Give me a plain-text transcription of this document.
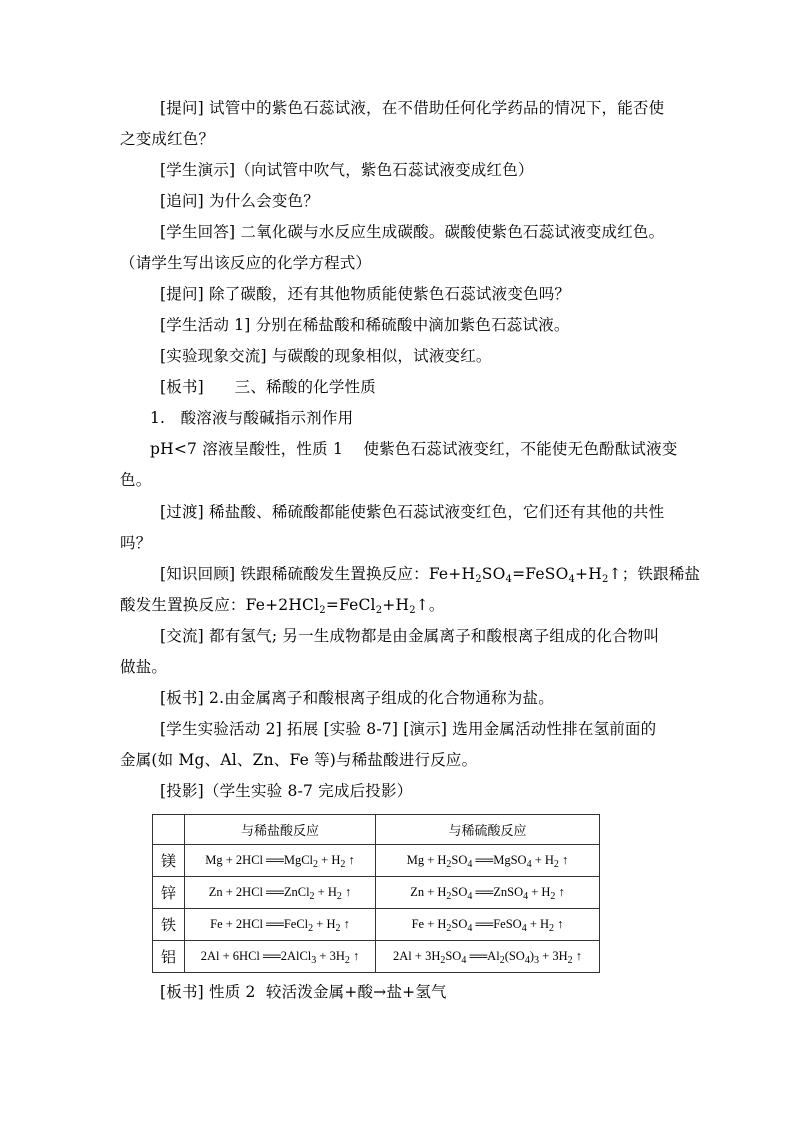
[提问] 试管中的紫色石蕊试液，在不借助任何化学药品的情况下，能否使
之变成红色？
[学生演示]（向试管中吹气，紫色石蕊试液变成红色）
[追问] 为什么会变色？
[学生回答] 二氧化碳与水反应生成碳酸。碳酸使紫色石蕊试液变成红色。
（请学生写出该反应的化学方程式）
[提问] 除了碳酸，还有其他物质能使紫色石蕊试液变色吗？
[学生活动 1] 分别在稀盐酸和稀硫酸中滴加紫色石蕊试液。
[实验现象交流] 与碳酸的现象相似，试液变红。
[板书]      三、稀酸的化学性质
1.   酸溶液与酸碱指示剂作用
pH<7 溶液呈酸性，性质 1    使紫色石蕊试液变红，不能使无色酚酞试液变
色。
[过渡] 稀盐酸、稀硫酸都能使紫色石蕊试液变红色，它们还有其他的共性
吗？
[知识回顾] 铁跟稀硫酸发生置换反应：$Fe+H_2SO_4=FeSO_4+H_2↑$；铁跟稀盐
酸发生置换反应：$Fe+2HCl_2=FeCl_2+H_2↑$。
[交流] 都有氢气; 另一生成物都是由金属离子和酸根离子组成的化合物叫
做盐。
[板书] 2.由金属离子和酸根离子组成的化合物通称为盐。
[学生实验活动 2] 拓展 [实验 8-7] [演示] 选用金属活动性排在氢前面的
金属(如 Mg、Al、Zn、Fe 等)与稀盐酸进行反应。
[投影]（学生实验 8-7 完成后投影）
	与稀盐酸反应	与稀硫酸反应
镁	Mg + 2HCl ══MgCl$_2$ + $H_2$ ↑	$Mg + H_2SO_4$ ══MgSO$_4$ + $H_2$ ↑
锌	Zn + 2HCl ══ZnCl$_2$ + $H_2$ ↑	$Zn + H_2SO_4$ ══ZnSO$_4$ + $H_2$ ↑
铁	Fe + 2HCl ══FeCl$_2$ + $H_2$ ↑	$Fe + H_2SO_4$ ══FeSO$_4$ + $H_2$ ↑
铝	2Al + 6HCl ══2AlCl$_3$ + $3H_2$ ↑	$2Al + 3H_2SO_4$ $══Al_2(SO_4)_3 + 3H_2$ ↑
[板书] 性质 2  较活泼金属+酸→盐+氢气
